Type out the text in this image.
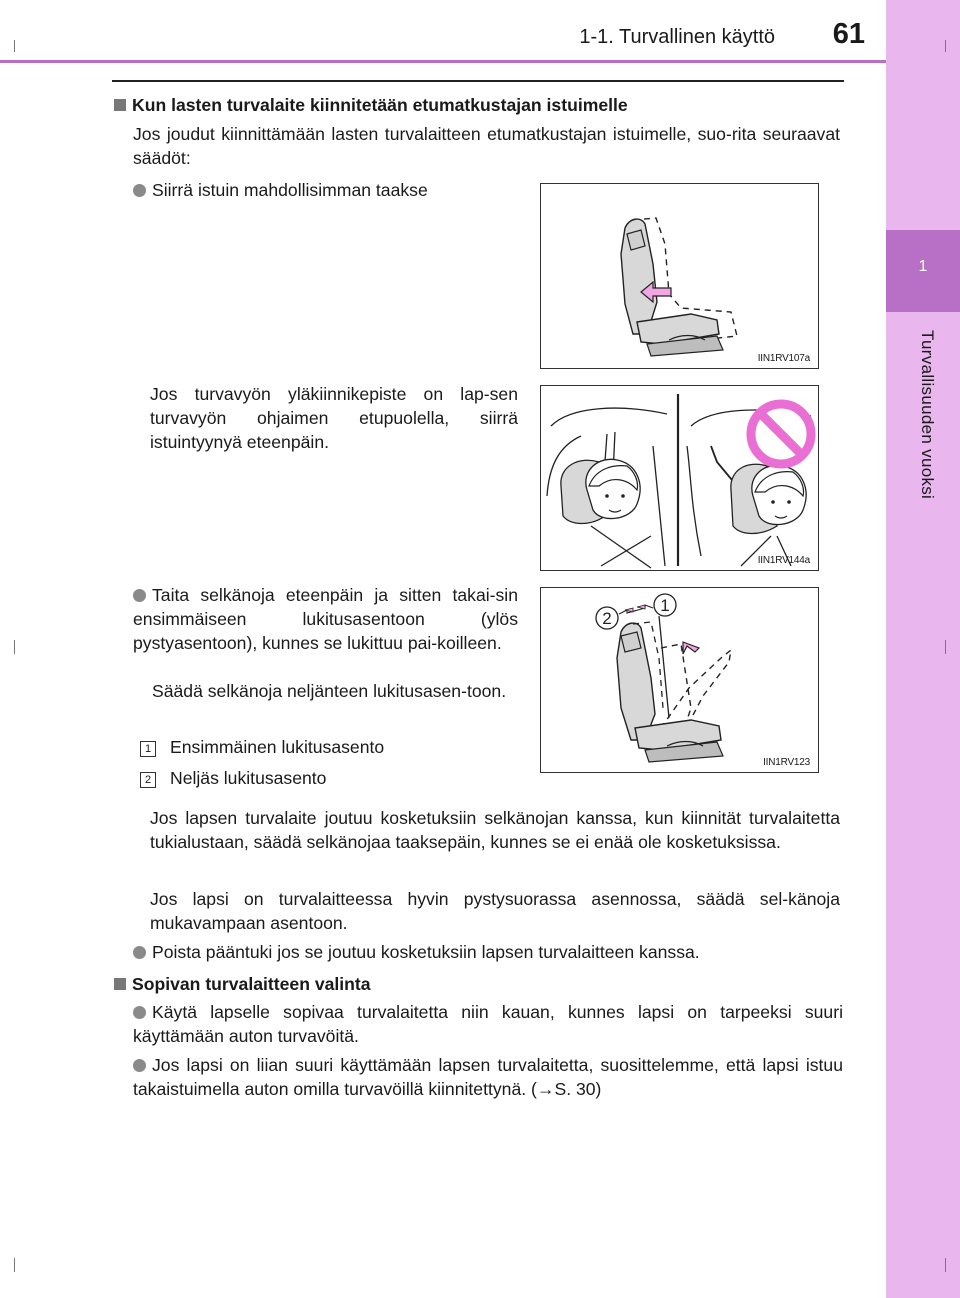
1
Turvallisuuden vuoksi
1-1. Turvallinen käyttö	61
Kun lasten turvalaite kiinnitetään etumatkustajan istuimelle
Jos joudut kiinnittämään lasten turvalaitteen etumatkustajan istuimelle, suo-rita seuraavat säädöt:
Siirrä istuin mahdollisimman taakse
IIN1RV107a
Jos turvavyön yläkiinnikepiste on lap-sen turvavyön ohjaimen etupuolella, siirrä istuintyynyä eteenpäin.
IIN1RV144a
Taita selkänoja eteenpäin ja sitten takai-sin ensimmäiseen lukitusasentoon (ylös pystyasentoon), kunnes se lukittuu pai-koilleen.
Säädä selkänoja neljänteen lukitusasen-toon.
1
2
IIN1RV123
1 Ensimmäinen lukitusasento
2 Neljäs lukitusasento
Jos lapsen turvalaite joutuu kosketuksiin selkänojan kanssa, kun kiinnität turvalaitetta tukialustaan, säädä selkänojaa taaksepäin, kunnes se ei enää ole kosketuksissa.
Jos lapsi on turvalaitteessa hyvin pystysuorassa asennossa, säädä sel-känoja mukavampaan asentoon.
Poista pääntuki jos se joutuu kosketuksiin lapsen turvalaitteen kanssa.
Sopivan turvalaitteen valinta
Käytä lapselle sopivaa turvalaitetta niin kauan, kunnes lapsi on tarpeeksi suuri käyttämään auton turvavöitä.
Jos lapsi on liian suuri käyttämään lapsen turvalaitetta, suosittelemme, että lapsi istuu takaistuimella auton omilla turvavöillä kiinnitettynä. (→S. 30)
